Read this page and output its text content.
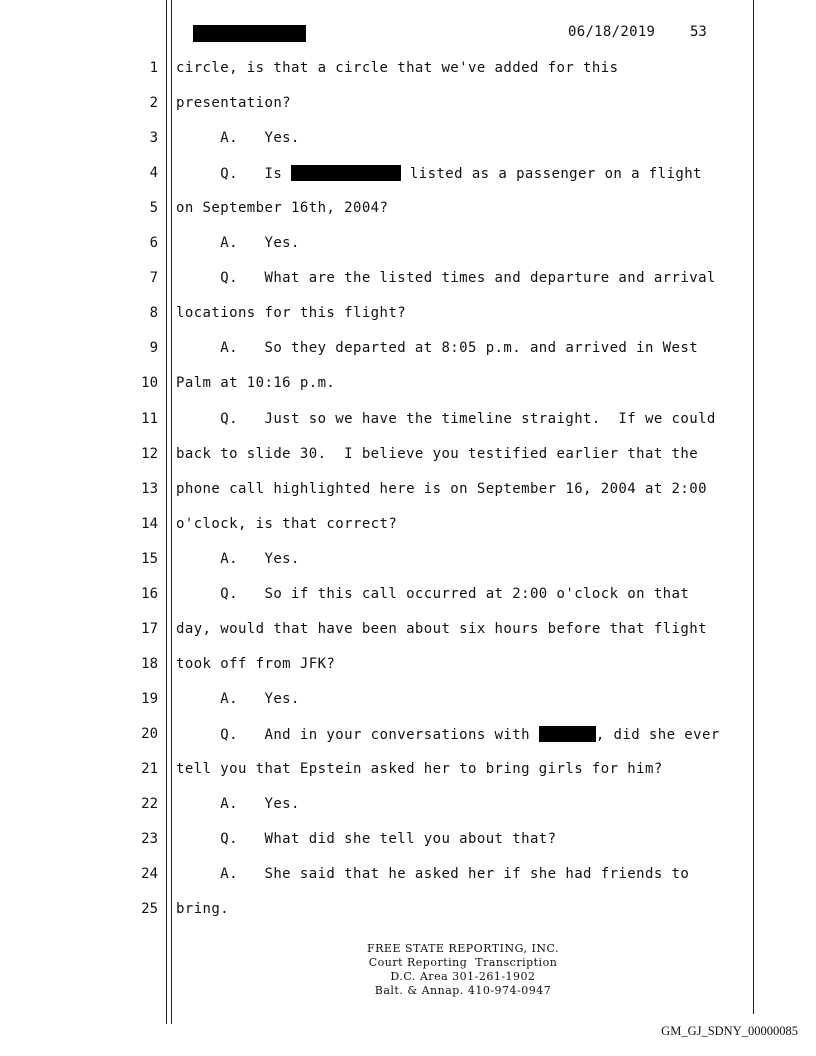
06/18/2019 53
1 circle, is that a circle that we've added for this
2 presentation?
3 A.   Yes.
4 Q.   Is	listed as a passenger on a flight
5 on September 16th, 2004?
6 A.   Yes.
7 Q.   What are the listed times and departure and arrival
8 locations for this flight?
9 A.   So they departed at 8:05 p.m. and arrived in West
10 Palm at 10:16 p.m.
11 Q.   Just so we have the timeline straight.  If we could
12 back to slide 30.  I believe you testified earlier that the
13 phone call highlighted here is on September 16, 2004 at 2:00
14 o'clock, is that correct?
15 A.   Yes.
16 Q.   So if this call occurred at 2:00 o'clock on that
17 day, would that have been about six hours before that flight
18 took off from JFK?
19 A.   Yes.
20 Q.   And in your conversations with	, did she ever
21 tell you that Epstein asked her to bring girls for him?
22 A.   Yes.
23 Q.   What did she tell you about that?
24 A.   She said that he asked her if she had friends to
25 bring.
FREE STATE REPORTING, INC.
Court Reporting  Transcription
D.C. Area 301-261-1902
Balt. & Annap. 410-974-0947
GM_GJ_SDNY_00000085
